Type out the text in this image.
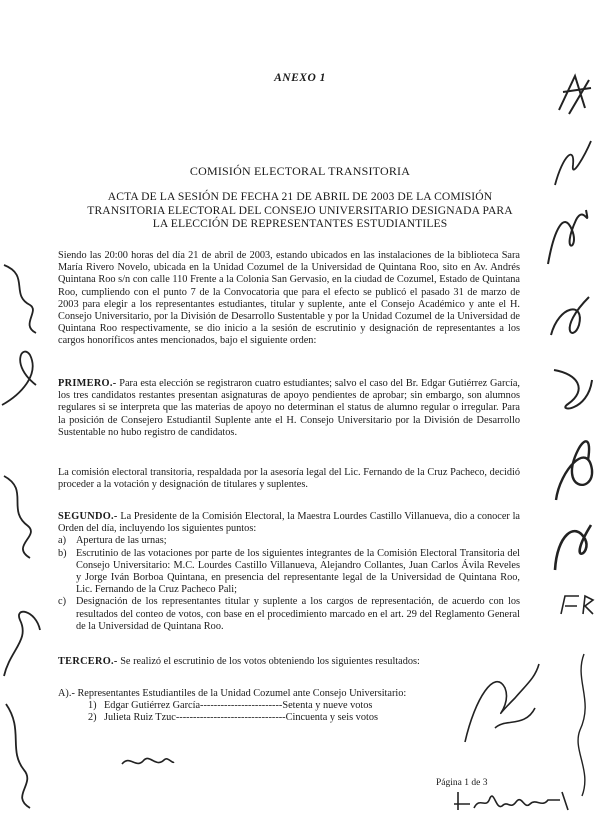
ANEXO 1
COMISIÓN ELECTORAL TRANSITORIA
ACTA DE LA SESIÓN DE FECHA 21 DE ABRIL DE 2003 DE LA COMISIÓN TRANSITORIA ELECTORAL DEL CONSEJO UNIVERSITARIO DESIGNADA PARA LA ELECCIÓN DE REPRESENTANTES ESTUDIANTILES
Siendo las 20:00 horas del día 21 de abril de 2003, estando ubicados en las instalaciones de la biblioteca Sara María Rivero Novelo, ubicada en la Unidad Cozumel de la Universidad de Quintana Roo, sito en Av. Andrés Quintana Roo s/n con calle 110 Frente a la Colonia San Gervasio, en la ciudad de Cozumel, Estado de Quintana Roo, cumpliendo con el punto 7 de la Convocatoria que para el efecto se publicó el pasado 31 de marzo de 2003 para elegir a los representantes estudiantes, titular y suplente, ante el Consejo Académico y ante el H. Consejo Universitario, por la División de Desarrollo Sustentable y por la Unidad Cozumel de la Universidad de Quintana Roo respectivamente, se dio inicio a la sesión de escrutinio y designación de representantes a los cargos honoríficos antes mencionados, bajo el siguiente orden:
PRIMERO.- Para esta elección se registraron cuatro estudiantes; salvo el caso del Br. Edgar Gutiérrez García, los tres candidatos restantes presentan asignaturas de apoyo pendientes de aprobar; sin embargo, son alumnos regulares si se interpreta que las materias de apoyo no determinan el status de alumno regular o irregular. Para la posición de Consejero Estudiantil Suplente ante el H. Consejo Universitario por la División de Desarrollo Sustentable no hubo registro de candidatos.
La comisión electoral transitoria, respaldada por la asesoría legal del Lic. Fernando de la Cruz Pacheco, decidió proceder a la votación y designación de titulares y suplentes.
SEGUNDO.- La Presidente de la Comisión Electoral, la Maestra Lourdes Castillo Villanueva, dio a conocer la Orden del día, incluyendo los siguientes puntos:
a) Apertura de las urnas;
b) Escrutinio de las votaciones por parte de los siguientes integrantes de la Comisión Electoral Transitoria del Consejo Universitario: M.C. Lourdes Castillo Villanueva, Alejandro Collantes, Juan Carlos Ávila Reveles y Jorge Iván Borboa Quintana, en presencia del representante legal de la Universidad de Quintana Roo, Lic. Fernando de la Cruz Pacheco Pali;
c) Designación de los representantes titular y suplente a los cargos de representación, de acuerdo con los resultados del conteo de votos, con base en el procedimiento marcado en el art. 29 del Reglamento General de la Universidad de Quintana Roo.
TERCERO.- Se realizó el escrutinio de los votos obteniendo los siguientes resultados:
A).- Representantes Estudiantiles de la Unidad Cozumel ante Consejo Universitario:
1) Edgar Gutiérrez García ------------------------ Setenta y nueve votos
2) Julieta Ruiz Tzuc -------------------------------- Cincuenta y seis votos
Página 1 de 3
